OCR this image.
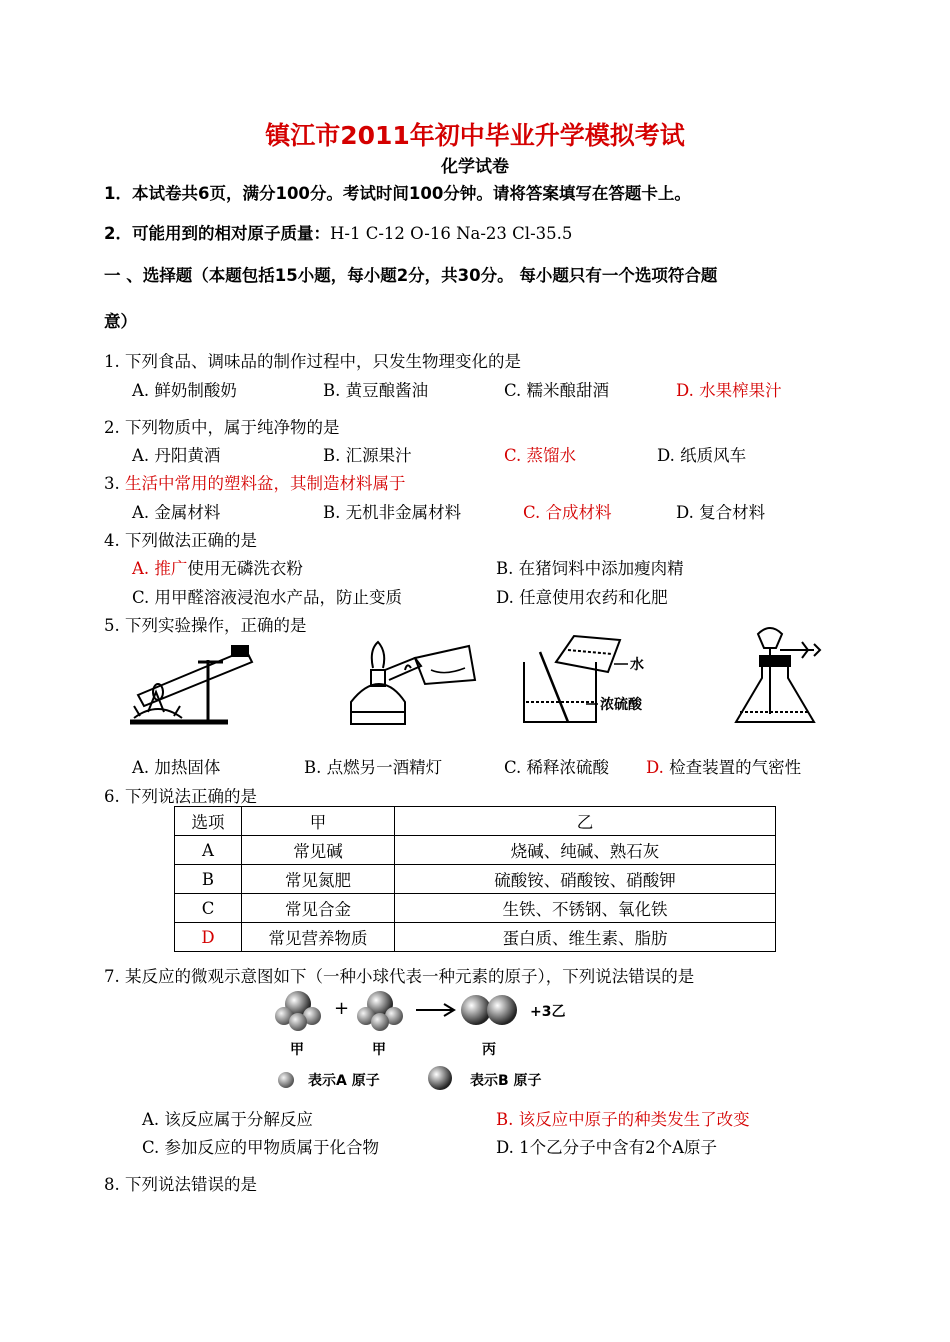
镇江市2011年初中毕业升学模拟考试
化学试卷
1．本试卷共6页，满分100分。考试时间100分钟。请将答案填写在答题卡上。
2．可能用到的相对原子质量：H-1 C-12 O-16 Na-23 Cl-35.5
一 、选择题（本题包括15小题，每小题2分，共30分。 每小题只有一个选项符合题
意）
1. 下列食品、调味品的制作过程中，只发生物理变化的是
A. 鲜奶制酸奶	B. 黄豆酿酱油	C. 糯米酿甜酒	D. 水果榨果汁
2. 下列物质中，属于纯净物的是
A. 丹阳黄酒	B. 汇源果汁	C. 蒸馏水	D. 纸质风车
3. 生活中常用的塑料盆，其制造材料属于
A. 金属材料	B. 无机非金属材料	C. 合成材料	D. 复合材料
4. 下列做法正确的是
A. 推广使用无磷洗衣粉	B. 在猪饲料中添加瘦肉精
C. 用甲醛溶液浸泡水产品，防止变质	D. 任意使用农药和化肥
5. 下列实验操作，正确的是
水
浓硫酸
A. 加热固体	B. 点燃另一酒精灯	C. 稀释浓硫酸 D. 检查装置的气密性
6. 下列说法正确的是
选项	甲	乙
A	常见碱	烧碱、纯碱、熟石灰
B	常见氮肥	硫酸铵、硝酸铵、硝酸钾
C	常见合金	生铁、不锈钢、氧化铁
D	常见营养物质	蛋白质、维生素、脂肪
7. 某反应的微观示意图如下（一种小球代表一种元素的原子），下列说法错误的是
+	+3乙
甲	甲	丙
表示A 原子	表示B 原子
A. 该反应属于分解反应	B. 该反应中原子的种类发生了改变
C. 参加反应的甲物质属于化合物	D. 1个乙分子中含有2个A原子
8. 下列说法错误的是
